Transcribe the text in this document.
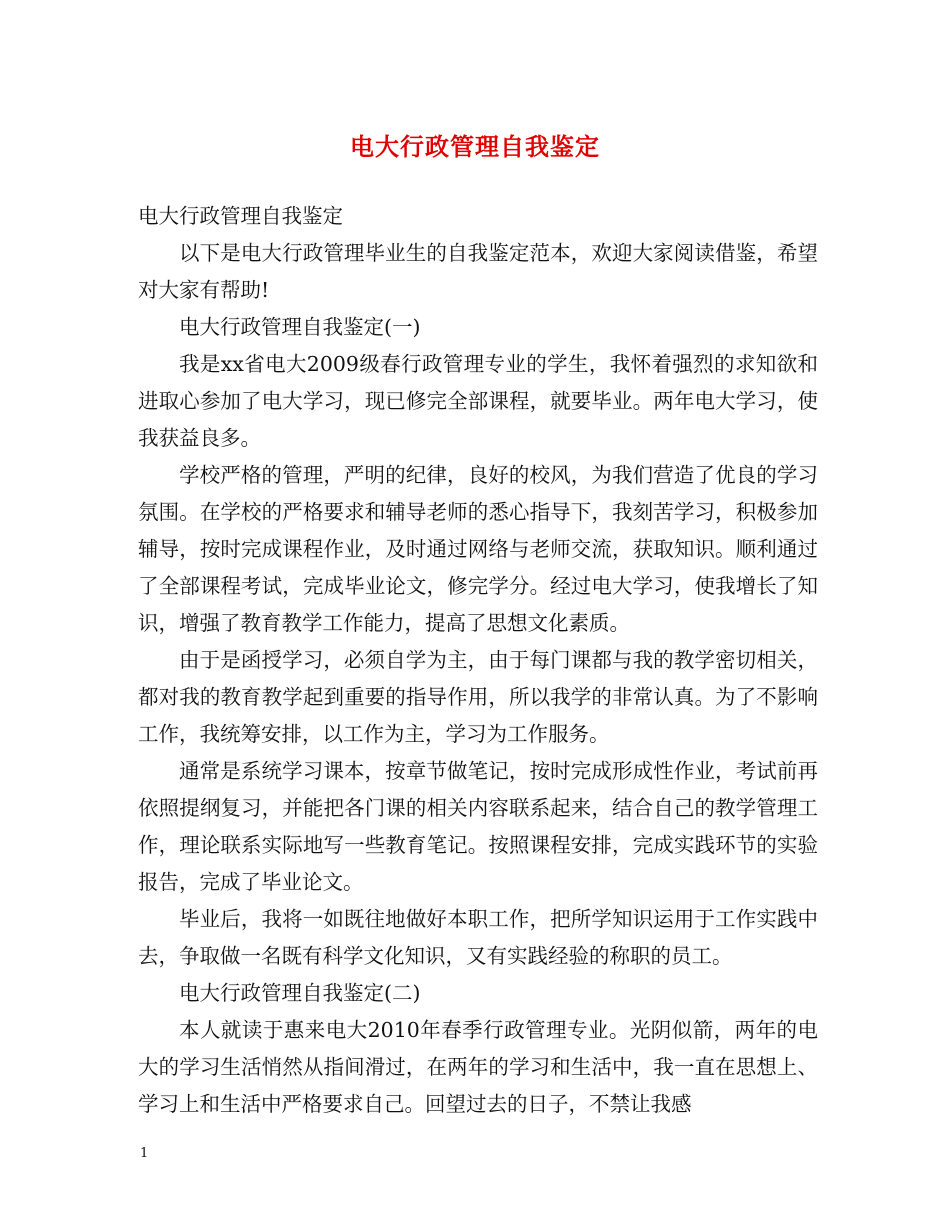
电大行政管理自我鉴定

电大行政管理自我鉴定

以下是电大行政管理毕业生的自我鉴定范本，欢迎大家阅读借鉴，希望对大家有帮助!

电大行政管理自我鉴定(一)

我是xx省电大2009级春行政管理专业的学生，我怀着强烈的求知欲和进取心参加了电大学习，现已修完全部课程，就要毕业。两年电大学习，使我获益良多。

学校严格的管理，严明的纪律，良好的校风，为我们营造了优良的学习氛围。在学校的严格要求和辅导老师的悉心指导下，我刻苦学习，积极参加辅导，按时完成课程作业，及时通过网络与老师交流，获取知识。顺利通过了全部课程考试，完成毕业论文，修完学分。经过电大学习，使我增长了知识，增强了教育教学工作能力，提高了思想文化素质。

由于是函授学习，必须自学为主，由于每门课都与我的教学密切相关，都对我的教育教学起到重要的指导作用，所以我学的非常认真。为了不影响工作，我统筹安排，以工作为主，学习为工作服务。

通常是系统学习课本，按章节做笔记，按时完成形成性作业，考试前再依照提纲复习，并能把各门课的相关内容联系起来，结合自己的教学管理工作，理论联系实际地写一些教育笔记。按照课程安排，完成实践环节的实验报告，完成了毕业论文。

毕业后，我将一如既往地做好本职工作，把所学知识运用于工作实践中去，争取做一名既有科学文化知识，又有实践经验的称职的员工。

电大行政管理自我鉴定(二)

本人就读于惠来电大2010年春季行政管理专业。光阴似箭，两年的电大的学习生活悄然从指间滑过，在两年的学习和生活中，我一直在思想上、学习上和生活中严格要求自己。回望过去的日子，不禁让我感

1
